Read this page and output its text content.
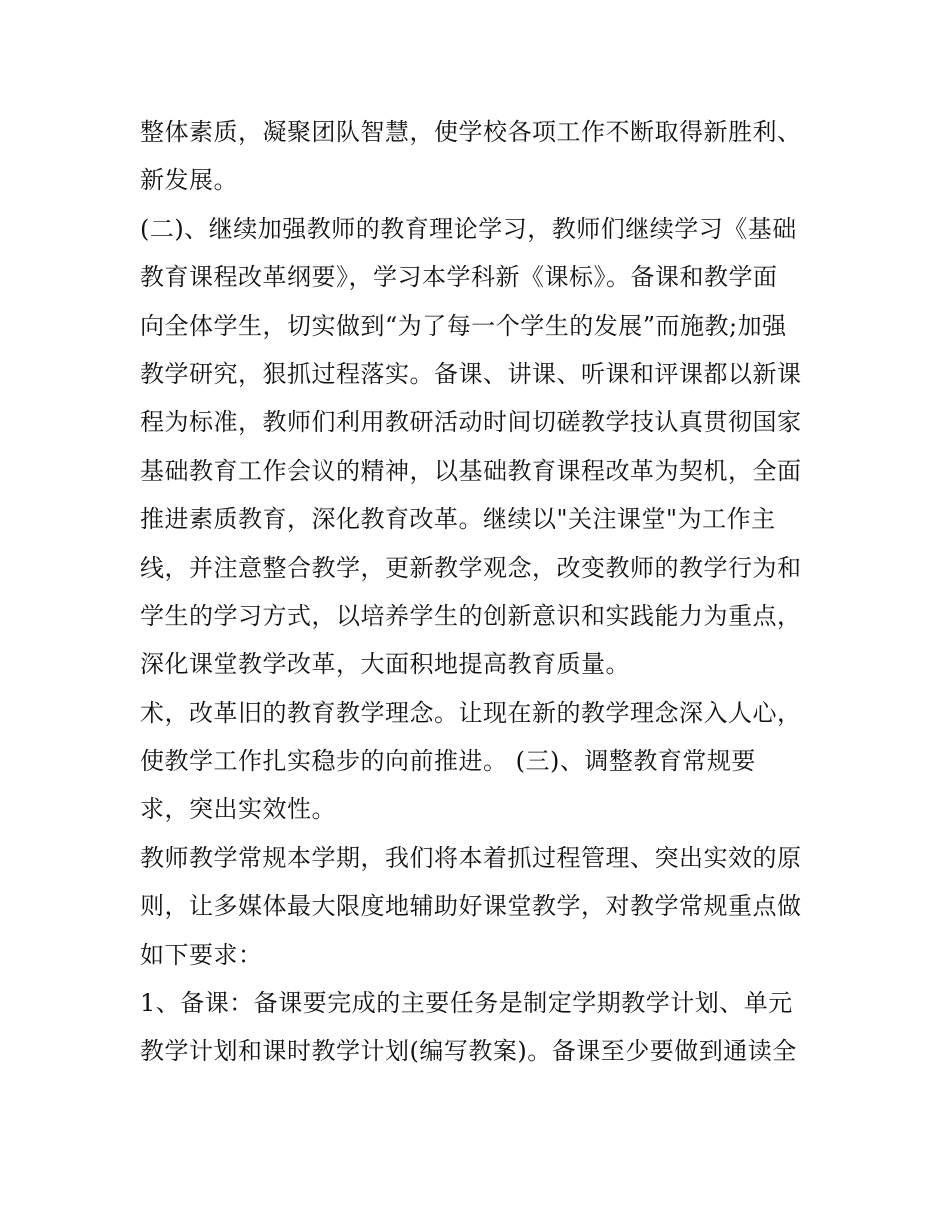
整体素质，凝聚团队智慧，使学校各项工作不断取得新胜利、

新发展。

(二)、继续加强教师的教育理论学习，教师们继续学习《基础

教育课程改革纲要》，学习本学科新《课标》。备课和教学面

向全体学生，切实做到“为了每一个学生的发展”而施教;加强

教学研究，狠抓过程落实。备课、讲课、听课和评课都以新课

程为标准，教师们利用教研活动时间切磋教学技认真贯彻国家

基础教育工作会议的精神，以基础教育课程改革为契机，全面

推进素质教育，深化教育改革。继续以"关注课堂"为工作主

线，并注意整合教学，更新教学观念，改变教师的教学行为和

学生的学习方式，以培养学生的创新意识和实践能力为重点，

深化课堂教学改革，大面积地提高教育质量。

术，改革旧的教育教学理念。让现在新的教学理念深入人心，

使教学工作扎实稳步的向前推进。 (三)、调整教育常规要

求，突出实效性。

教师教学常规本学期，我们将本着抓过程管理、突出实效的原

则，让多媒体最大限度地辅助好课堂教学，对教学常规重点做

如下要求：

1、备课：备课要完成的主要任务是制定学期教学计划、单元

教学计划和课时教学计划(编写教案)。备课至少要做到通读全
